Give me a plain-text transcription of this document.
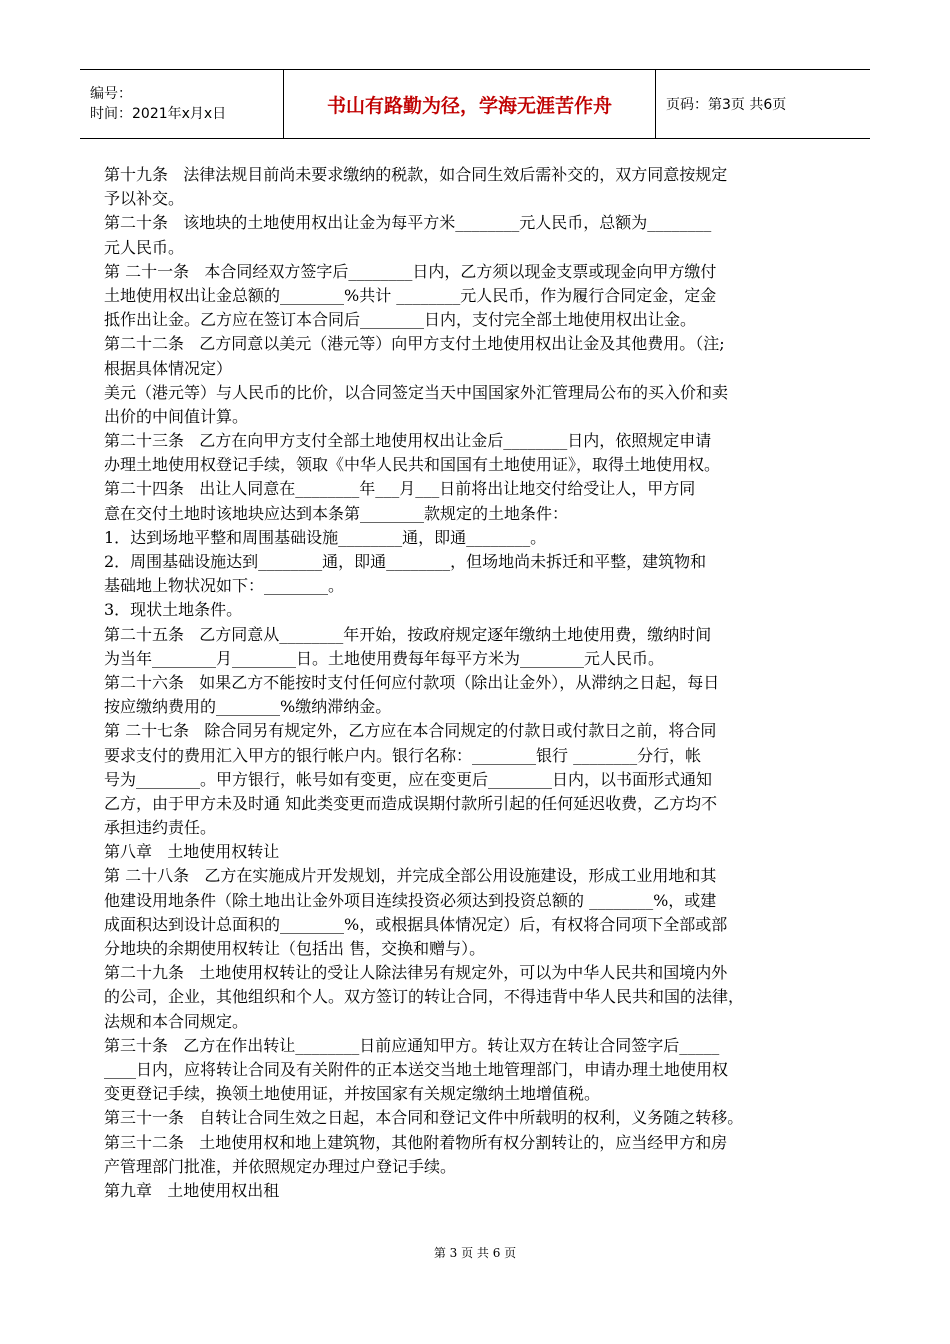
编号：
时间：2021年x月x日	书山有路勤为径，学海无涯苦作舟	页码：第3页 共6页
第十九条   法律法规目前尚未要求缴纳的税款，如合同生效后需补交的，双方同意按规定
予以补交。
第二十条   该地块的土地使用权出让金为每平方米________元人民币，总额为________
元人民币。
第 二十一条   本合同经双方签字后________日内，乙方须以现金支票或现金向甲方缴付
土地使用权出让金总额的________%共计 ________元人民币，作为履行合同定金，定金
抵作出让金。乙方应在签订本合同后________日内，支付完全部土地使用权出让金。
第二十二条   乙方同意以美元（港元等）向甲方支付土地使用权出让金及其他费用。（注;
根据具体情况定）
美元（港元等）与人民币的比价，以合同签定当天中国国家外汇管理局公布的买入价和卖
出价的中间值计算。
第二十三条   乙方在向甲方支付全部土地使用权出让金后________日内，依照规定申请
办理土地使用权登记手续，领取《中华人民共和国国有土地使用证》，取得土地使用权。
第二十四条   出让人同意在________年___月___日前将出让地交付给受让人，甲方同
意在交付土地时该地块应达到本条第________款规定的土地条件：
1．达到场地平整和周围基础设施________通，即通________。
2．周围基础设施达到________通，即通________，但场地尚未拆迁和平整，建筑物和
基础地上物状况如下：________。
3．现状土地条件。
第二十五条   乙方同意从________年开始，按政府规定逐年缴纳土地使用费，缴纳时间
为当年________月________日。土地使用费每年每平方米为________元人民币。
第二十六条   如果乙方不能按时支付任何应付款项（除出让金外），从滞纳之日起，每日
按应缴纳费用的________%缴纳滞纳金。
第 二十七条   除合同另有规定外，乙方应在本合同规定的付款日或付款日之前，将合同
要求支付的费用汇入甲方的银行帐户内。银行名称：________银行 ________分行，帐
号为________。甲方银行，帐号如有变更，应在变更后________日内，以书面形式通知
乙方，由于甲方未及时通 知此类变更而造成误期付款所引起的任何延迟收费，乙方均不
承担违约责任。
第八章   土地使用权转让
第 二十八条   乙方在实施成片开发规划，并完成全部公用设施建设，形成工业用地和其
他建设用地条件（除土地出让金外项目连续投资必须达到投资总额的 ________%，或建
成面积达到设计总面积的________%，或根据具体情况定）后，有权将合同项下全部或部
分地块的余期使用权转让（包括出 售，交换和赠与）。
第二十九条   土地使用权转让的受让人除法律另有规定外，可以为中华人民共和国境内外
的公司，企业，其他组织和个人。双方签订的转让合同，不得违背中华人民共和国的法律，
法规和本合同规定。
第三十条   乙方在作出转让________日前应通知甲方。转让双方在转让合同签字后_____
____日内，应将转让合同及有关附件的正本送交当地土地管理部门，申请办理土地使用权
变更登记手续，换领土地使用证，并按国家有关规定缴纳土地增值税。
第三十一条   自转让合同生效之日起，本合同和登记文件中所载明的权利，义务随之转移。
第三十二条   土地使用权和地上建筑物，其他附着物所有权分割转让的，应当经甲方和房
产管理部门批准，并依照规定办理过户登记手续。
第九章   土地使用权出租
第 3 页 共 6 页
